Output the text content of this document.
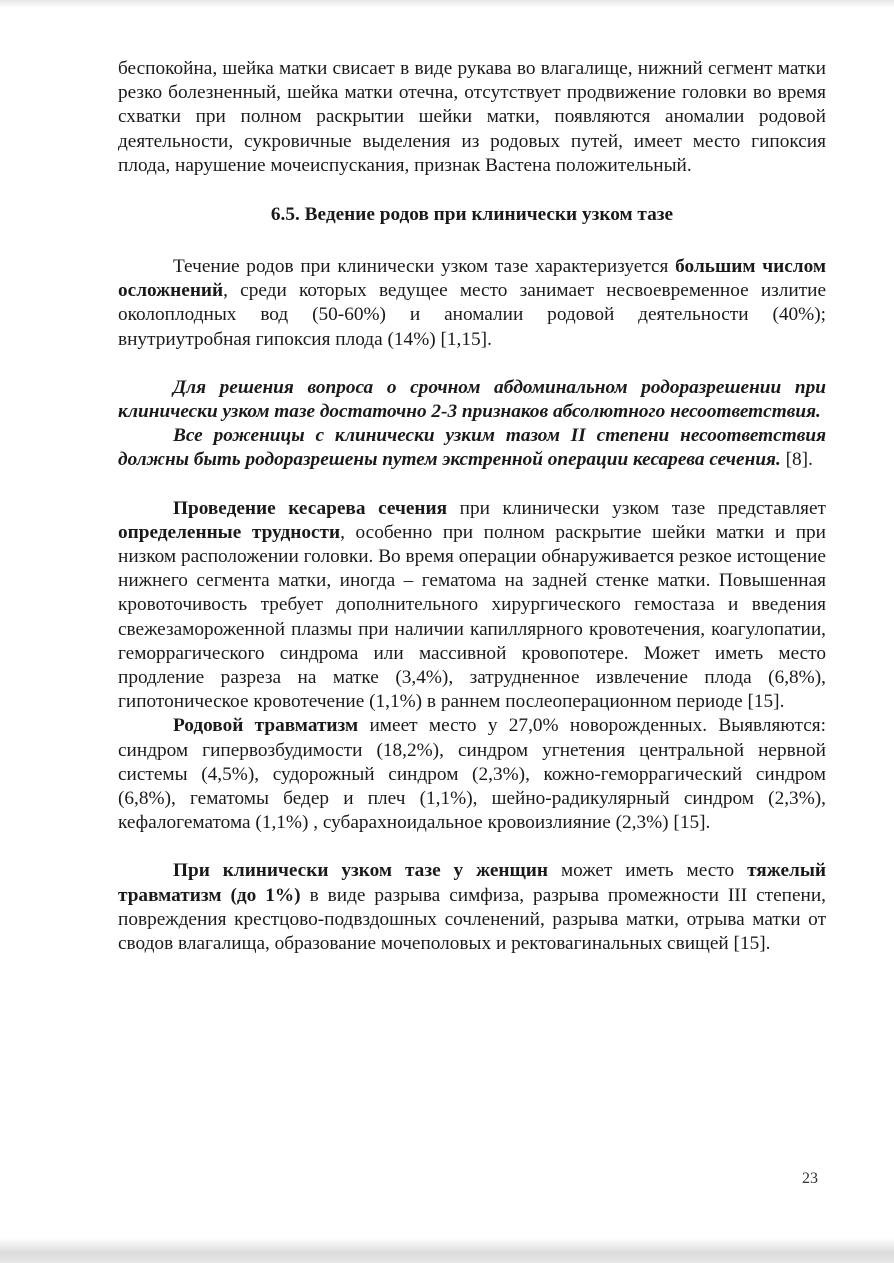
беспокойна, шейка матки свисает в виде рукава во влагалище, нижний сегмент матки резко болезненный, шейка матки отечна, отсутствует продвижение головки во время схватки при полном раскрытии шейки матки, появляются аномалии родовой деятельности, сукровичные выделения из родовых путей, имеет место гипоксия плода, нарушение мочеиспускания, признак Вастена положительный.

6.5. Ведение родов при клинически узком тазе

Течение родов при клинически узком тазе характеризуется большим числом осложнений, среди которых ведущее место занимает несвоевременное излитие околоплодных вод (50-60%) и аномалии родовой деятельности (40%); внутриутробная гипоксия плода (14%) [1,15].

Для решения вопроса о срочном абдоминальном родоразрешении при клинически узком тазе достаточно 2-3 признаков абсолютного несоответствия.

Все роженицы с клинически узким тазом II степени несоответствия должны быть родоразрешены путем экстренной операции кесарева сечения. [8].

Проведение кесарева сечения при клинически узком тазе представляет определенные трудности, особенно при полном раскрытие шейки матки и при низком расположении головки. Во время операции обнаруживается резкое истощение нижнего сегмента матки, иногда – гематома на задней стенке матки. Повышенная кровоточивость требует дополнительного хирургического гемостаза и введения свежезамороженной плазмы при наличии капиллярного кровотечения, коагулопатии, геморрагического синдрома или массивной кровопотере. Может иметь место продление разреза на матке (3,4%), затрудненное извлечение плода (6,8%), гипотоническое кровотечение (1,1%) в раннем послеоперационном периоде [15].

Родовой травматизм имеет место у 27,0% новорожденных. Выявляются: синдром гипервозбудимости (18,2%), синдром угнетения центральной нервной системы (4,5%), судорожный синдром (2,3%), кожно-геморрагический синдром (6,8%), гематомы бедер и плеч (1,1%), шейно-радикулярный синдром (2,3%), кефалогематома (1,1%) , субарахноидальное кровоизлияние (2,3%) [15].

При клинически узком тазе у женщин может иметь место тяжелый травматизм (до 1%) в виде разрыва симфиза, разрыва промежности III степени, повреждения крестцово-подвздошных сочленений, разрыва матки, отрыва матки от сводов влагалища, образование мочеполовых и ректовагинальных свищей [15].

23
